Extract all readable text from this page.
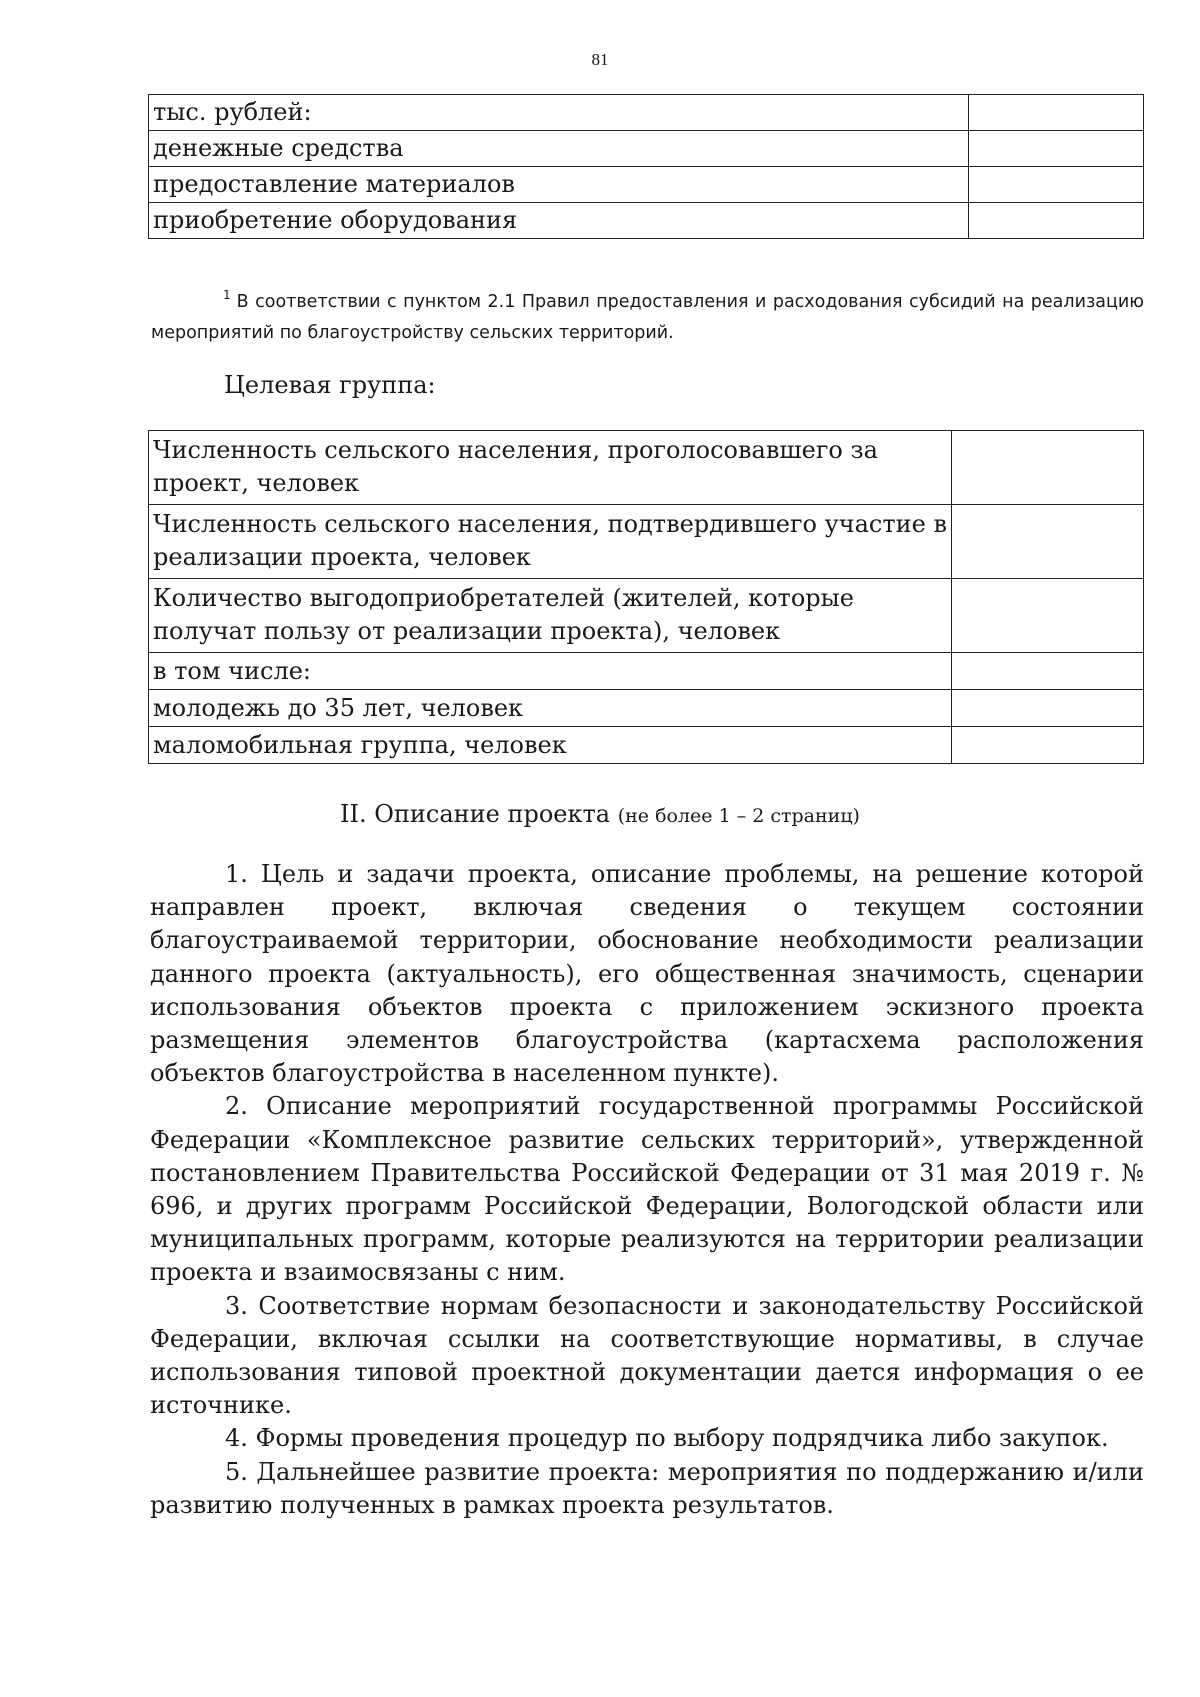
81
тыс. рублей:	
денежные средства	
предоставление материалов	
приобретение оборудования	
$^1$ В соответствии с пунктом 2.1 Правил предоставления и расходования субсидий на реализацию мероприятий по благоустройству сельских территорий.
Целевая группа:
Численность сельского населения, проголосовавшего за проект, человек	
Численность сельского населения, подтвердившего участие в реализации проекта, человек	
Количество выгодоприобретателей (жителей, которые получат пользу от реализации проекта), человек	
в том числе:	
молодежь до 35 лет, человек	
маломобильная группа, человек	
II. Описание проекта (не более 1 – 2 страниц)

1. Цель и задачи проекта, описание проблемы, на решение которой направлен проект, включая сведения о текущем состоянии благоустраиваемой территории, обоснование необходимости реализации данного проекта (актуальность), его общественная значимость, сценарии использования объектов проекта с приложением эскизного проекта размещения элементов благоустройства (картасхема расположения объектов благоустройства в населенном пункте).

2. Описание мероприятий государственной программы Российской Федерации «Комплексное развитие сельских территорий», утвержденной постановлением Правительства Российской Федерации от 31 мая 2019 г. № 696, и других программ Российской Федерации, Вологодской области или муниципальных программ, которые реализуются на территории реализации проекта и взаимосвязаны с ним.

3. Соответствие нормам безопасности и законодательству Российской Федерации, включая ссылки на соответствующие нормативы, в случае использования типовой проектной документации дается информация о ее источнике.

4. Формы проведения процедур по выбору подрядчика либо закупок.

5. Дальнейшее развитие проекта: мероприятия по поддержанию и/или развитию полученных в рамках проекта результатов.
